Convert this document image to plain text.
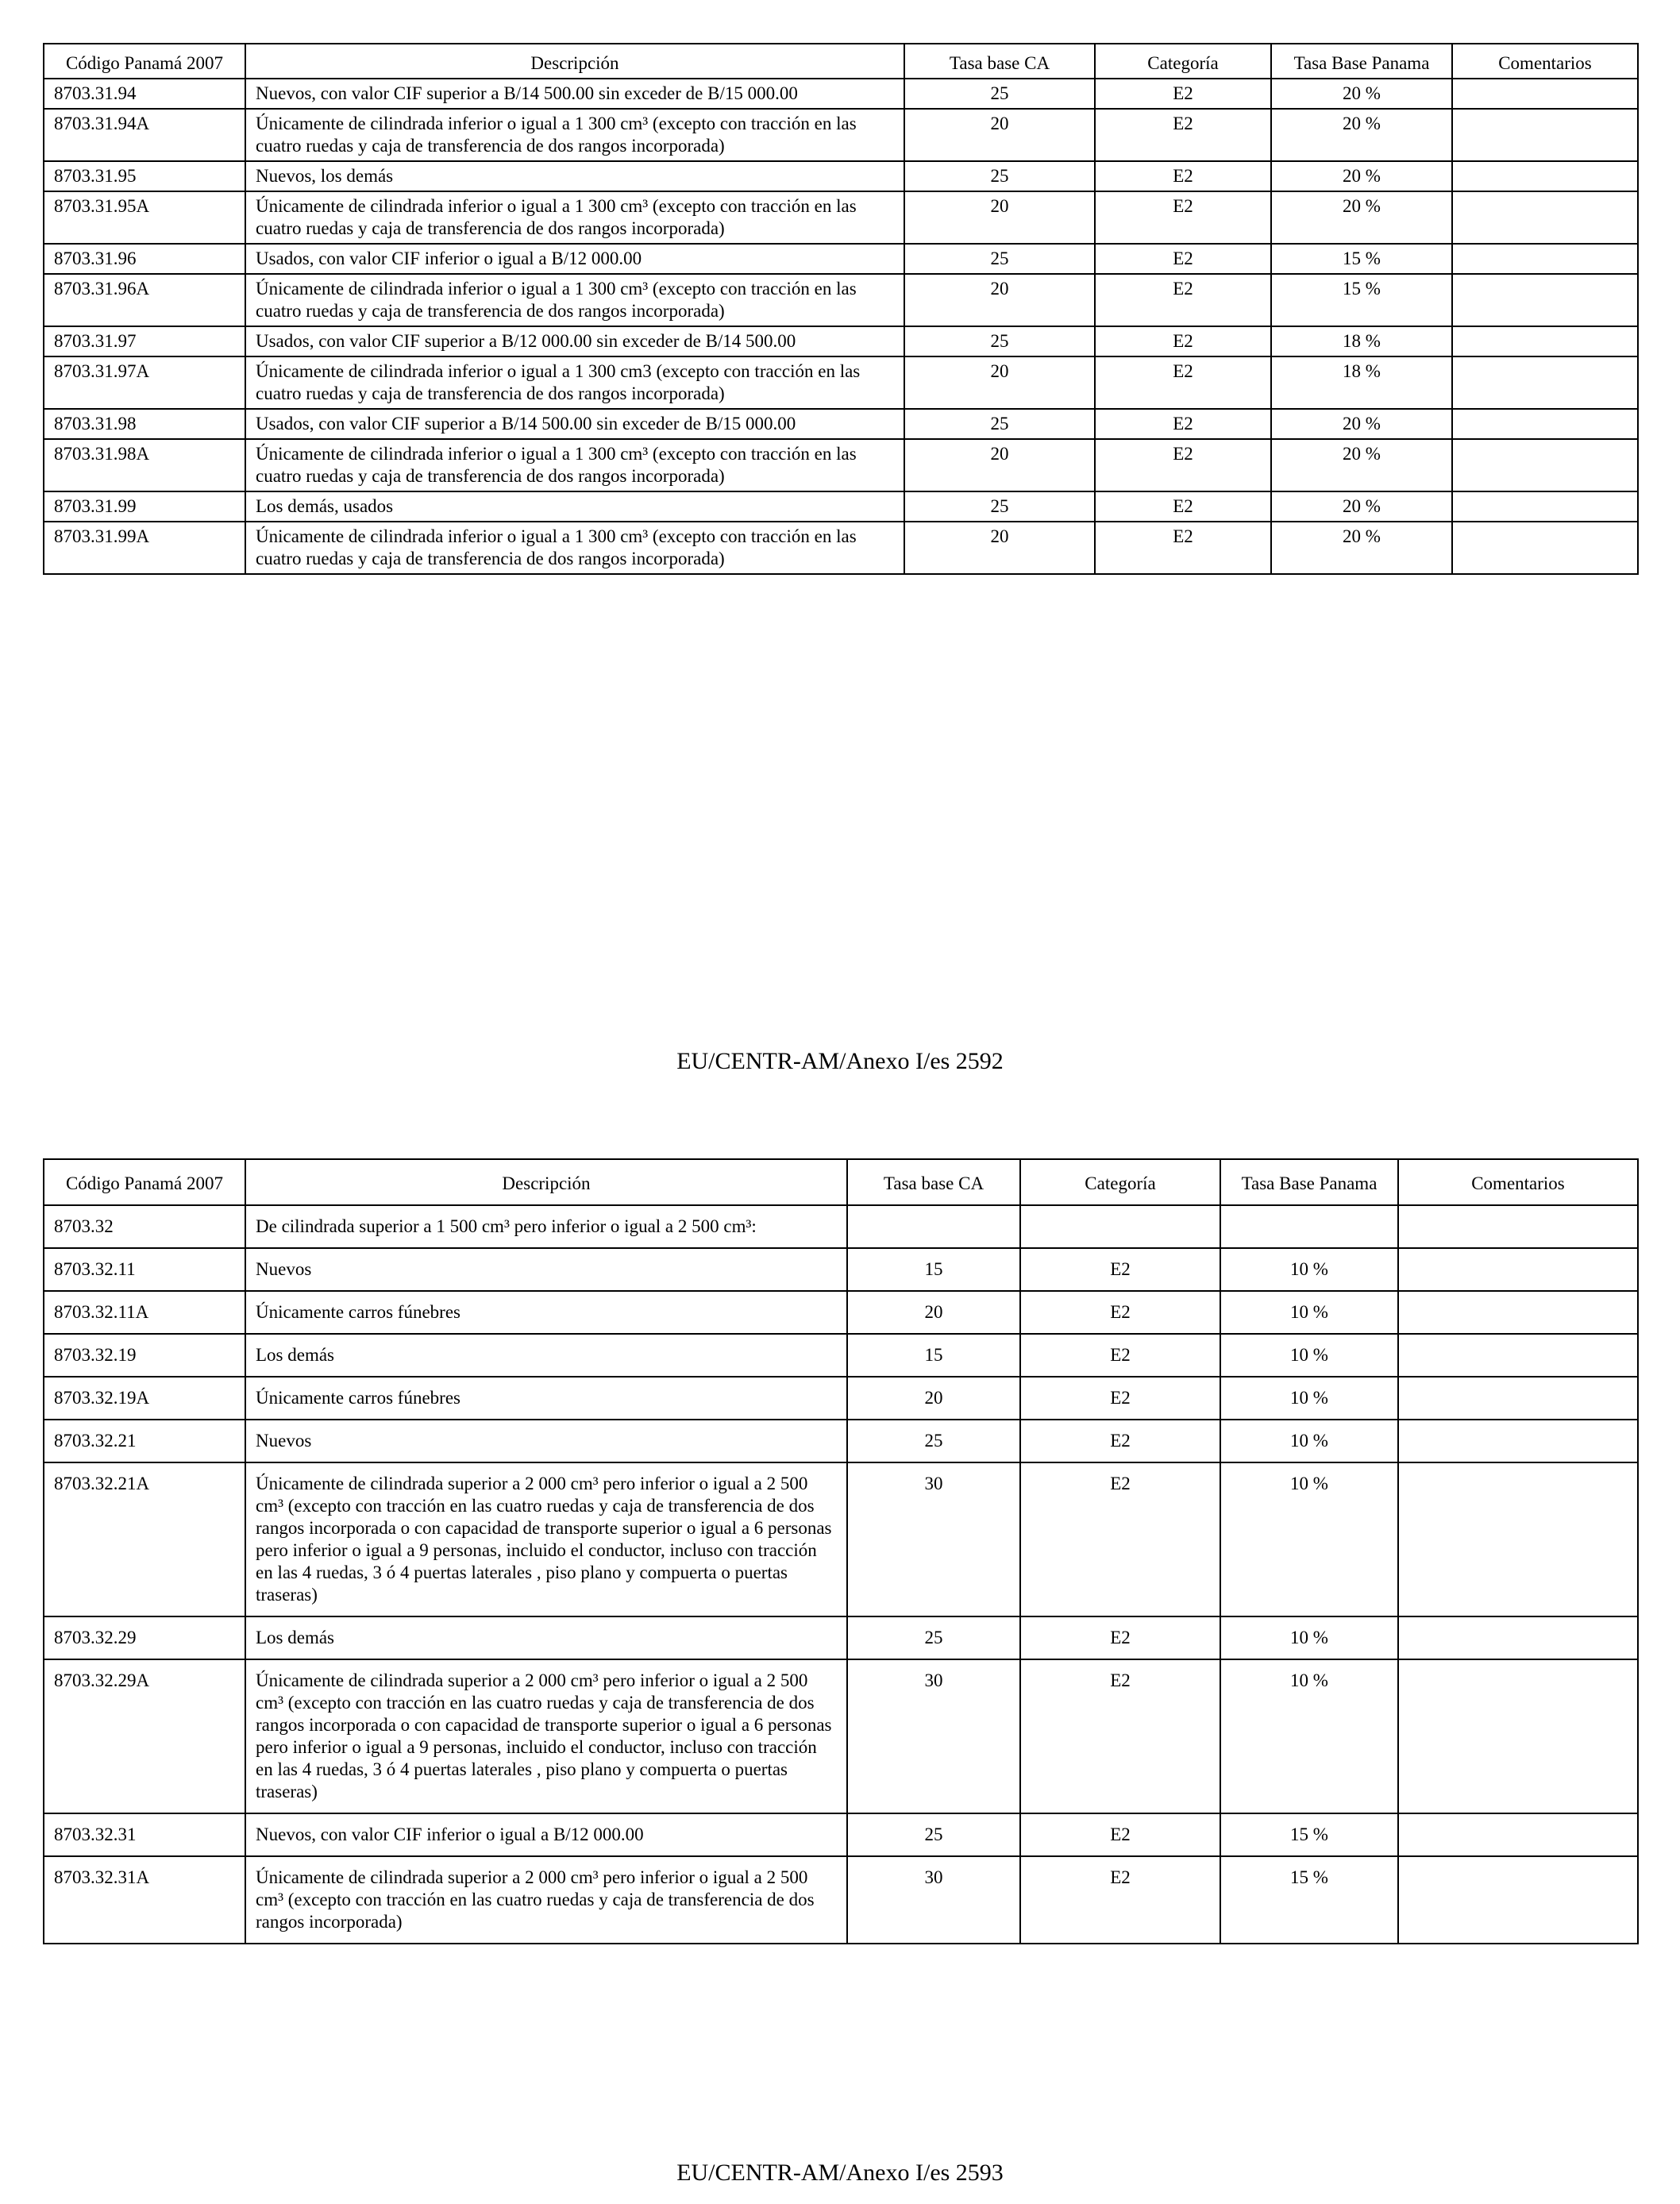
Código Panamá 2007	Descripción	Tasa base CA	Categoría	Tasa Base Panama	Comentarios
8703.31.94	Nuevos, con valor CIF superior a B/14 500.00 sin exceder de B/15 000.00	25	E2	20 %	
8703.31.94A	Únicamente de cilindrada inferior o igual a 1 300 cm³ (excepto con tracción en las cuatro ruedas y caja de transferencia de dos rangos incorporada)	20	E2	20 %	
8703.31.95	Nuevos, los demás	25	E2	20 %	
8703.31.95A	Únicamente de cilindrada inferior o igual a 1 300 cm³ (excepto con tracción en las cuatro ruedas y caja de transferencia de dos rangos incorporada)	20	E2	20 %	
8703.31.96	Usados, con valor CIF inferior o igual a B/12 000.00	25	E2	15 %	
8703.31.96A	Únicamente de cilindrada inferior o igual a 1 300 cm³ (excepto con tracción en las cuatro ruedas y caja de transferencia de dos rangos incorporada)	20	E2	15 %	
8703.31.97	Usados, con valor CIF superior a B/12 000.00 sin exceder de B/14 500.00	25	E2	18 %	
8703.31.97A	Únicamente de cilindrada inferior o igual a 1 300 cm3 (excepto con tracción en las cuatro ruedas y caja de transferencia de dos rangos incorporada)	20	E2	18 %	
8703.31.98	Usados, con valor CIF superior a B/14 500.00 sin exceder de B/15 000.00	25	E2	20 %	
8703.31.98A	Únicamente de cilindrada inferior o igual a 1 300 cm³ (excepto con tracción en las cuatro ruedas y caja de transferencia de dos rangos incorporada)	20	E2	20 %	
8703.31.99	Los demás, usados	25	E2	20 %	
8703.31.99A	Únicamente de cilindrada inferior o igual a 1 300 cm³ (excepto con tracción en las cuatro ruedas y caja de transferencia de dos rangos incorporada)	20	E2	20 %	
EU/CENTR-AM/Anexo I/es 2592
Código Panamá 2007	Descripción	Tasa base CA	Categoría	Tasa Base Panama	Comentarios
8703.32	De cilindrada superior a 1 500 cm³ pero inferior o igual a 2 500 cm³:				
8703.32.11	Nuevos	15	E2	10 %	
8703.32.11A	Únicamente carros fúnebres	20	E2	10 %	
8703.32.19	Los demás	15	E2	10 %	
8703.32.19A	Únicamente carros fúnebres	20	E2	10 %	
8703.32.21	Nuevos	25	E2	10 %	
8703.32.21A	Únicamente de cilindrada superior a 2 000 cm³ pero inferior o igual a 2 500 cm³ (excepto con tracción en las cuatro ruedas y caja de transferencia de dos rangos incorporada o con capacidad de transporte superior o igual a 6 personas pero inferior o igual a 9 personas, incluido el conductor, incluso con tracción en las 4 ruedas, 3 ó 4 puertas laterales , piso plano y compuerta o puertas traseras)	30	E2	10 %	
8703.32.29	Los demás	25	E2	10 %	
8703.32.29A	Únicamente de cilindrada superior a 2 000 cm³ pero inferior o igual a 2 500 cm³ (excepto con tracción en las cuatro ruedas y caja de transferencia de dos rangos incorporada o con capacidad de transporte superior o igual a 6 personas pero inferior o igual a 9 personas, incluido el conductor, incluso con tracción en las 4 ruedas, 3 ó 4 puertas laterales , piso plano y compuerta o puertas traseras)	30	E2	10 %	
8703.32.31	Nuevos, con valor CIF inferior o igual a B/12 000.00	25	E2	15 %	
8703.32.31A	Únicamente de cilindrada superior a 2 000 cm³ pero inferior o igual a 2 500 cm³ (excepto con tracción en las cuatro ruedas y caja de transferencia de dos rangos incorporada)	30	E2	15 %	
EU/CENTR-AM/Anexo I/es 2593
